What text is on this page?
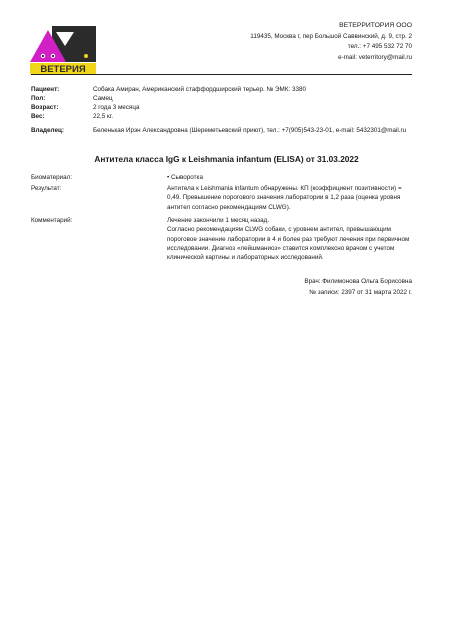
ВЕТЕРИЯ
ВЕТЕРРИТОРИЯ ООО
119435, Москва г, пер Большой Саввинский, д. 9, стр. 2
тел.: +7 495 532 72 70
e-mail: veterritory@mail.ru
Пациент:	Собака Амиран, Американский стаффордширский терьер. № ЭМК: 3380
Пол:	Самец
Возраст:	2 года 3 месяца
Вес:	22,5 кг.
Владелец:	Беленькая Ирэн Александровна (Шереметьевский приют), тел.: +7(905)543-23-01, e-mail: 5432301@mail.ru
Антитела класса IgG к Leishmania infantum (ELISA) от 31.03.2022
Биоматериал:	• Сыворотка
Результат:	Антитела к Leishmania infantum обнаружены. КП (коэффициент позитивности) = 0,49. Превышение порогового значения лаборатории в 1,2 раза (оценка уровня антител согласно рекомендациям CLWG).
Комментарий:	Лечение закончили 1 месяц назад.
Согласно рекомендациям CLWG собаки, с уровнем антител, превышающим пороговое значение лаборатории в 4 и более раз требуют лечения при первичном исследовании. Диагноз «лейшманиоз» ставится комплексно врачом с учетом клинической картины и лабораторных исследований.
Врач: Филимонова Ольга Борисовна
№ записи: 2397 от 31 марта 2022 г.
